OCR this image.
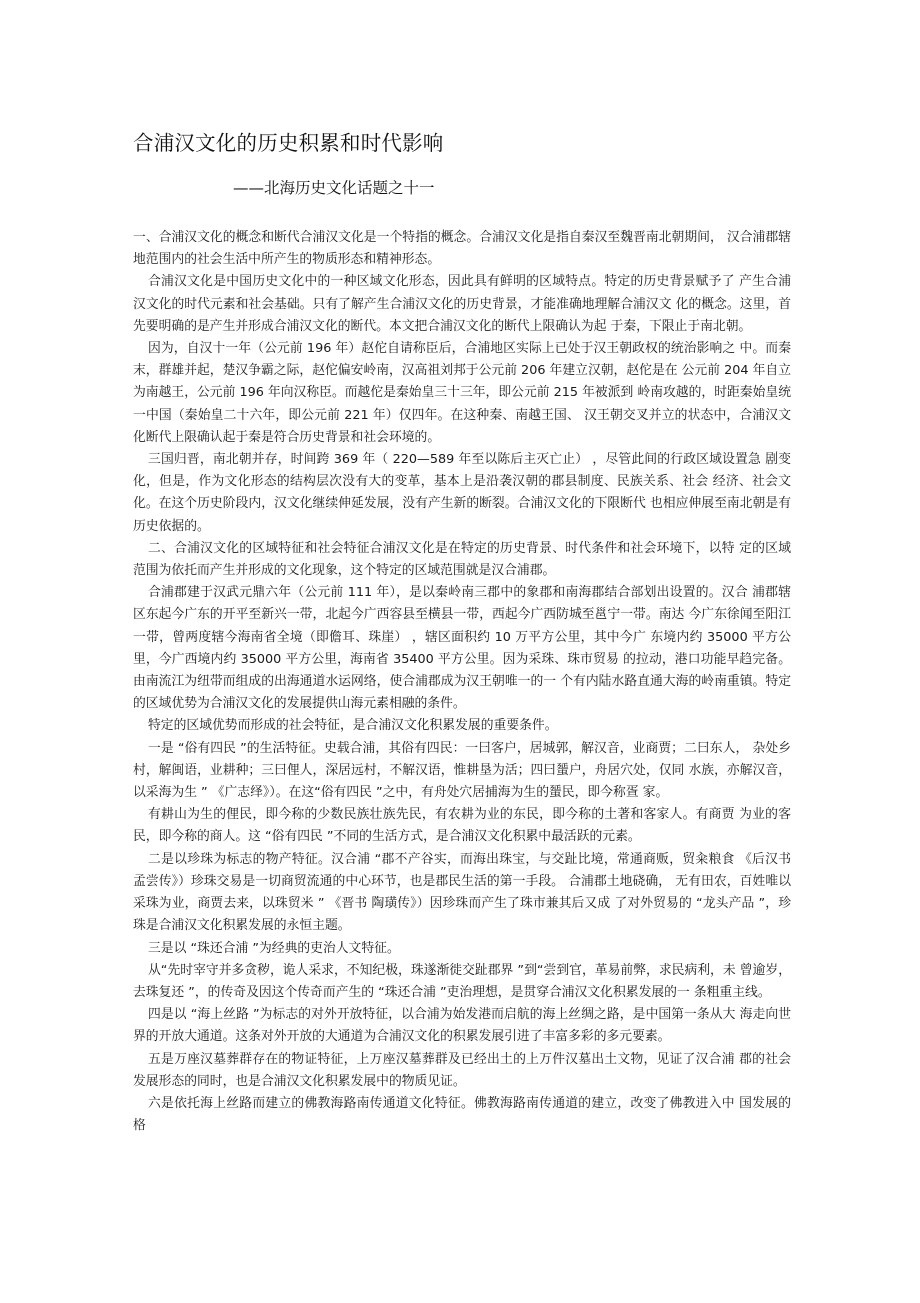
合浦汉文化的历史积累和时代影响

——北海历史文化话题之十一

一、合浦汉文化的概念和断代合浦汉文化是一个特指的概念。合浦汉文化是指自秦汉至魏晋南北朝期间， 汉合浦郡辖地范围内的社会生活中所产生的物质形态和精神形态。

合浦汉文化是中国历史文化中的一种区域文化形态，因此具有鲜明的区域特点。特定的历史背景赋予了 产生合浦汉文化的时代元素和社会基础。只有了解产生合浦汉文化的历史背景，才能准确地理解合浦汉文 化的概念。这里，首先要明确的是产生并形成合浦汉文化的断代。本文把合浦汉文化的断代上限确认为起 于秦，下限止于南北朝。

因为，自汉十一年（公元前 196 年）赵佗自请称臣后，合浦地区实际上已处于汉王朝政权的统治影响之 中。而秦末，群雄并起，楚汉争霸之际，赵佗偏安岭南，汉高祖刘邦于公元前 206 年建立汉朝，赵佗是在 公元前 204 年自立为南越王，公元前 196 年向汉称臣。而越佗是秦始皇三十三年，即公元前 215 年被派到 岭南攻越的，时距秦始皇统一中国（秦始皇二十六年，即公元前 221 年）仅四年。在这种秦、南越王国、 汉王朝交叉并立的状态中，合浦汉文化断代上限确认起于秦是符合历史背景和社会环境的。

三国归晋，南北朝并存，时间跨 369 年（ 220—589 年至以陈后主灭亡止） ，尽管此间的行政区域设置急 剧变化，但是，作为文化形态的结构层次没有大的变革，基本上是沿袭汉朝的郡县制度、民族关系、社会 经济、社会文化。在这个历史阶段内，汉文化继续伸延发展，没有产生新的断裂。合浦汉文化的下限断代 也相应伸展至南北朝是有历史依据的。

二、合浦汉文化的区域特征和社会特征合浦汉文化是在特定的历史背景、时代条件和社会环境下，以特 定的区域范围为依托而产生并形成的文化现象，这个特定的区域范围就是汉合浦郡。

合浦郡建于汉武元鼎六年（公元前 111 年），是以秦岭南三郡中的象郡和南海郡结合部划出设置的。汉合 浦郡辖区东起今广东的开平至新兴一带，北起今广西容县至横县一带，西起今广西防城至邕宁一带。南达 今广东徐闻至阳江一带，曾两度辖今海南省全境（即儋耳、珠崖） ，辖区面积约 10 万平方公里，其中今广 东境内约 35000 平方公里，今广西境内约 35000 平方公里，海南省 35400 平方公里。因为采珠、珠市贸易 的拉动，港口功能早趋完备。由南流江为纽带而组成的出海通道水运网络，使合浦郡成为汉王朝唯一的一 个有内陆水路直通大海的岭南重镇。特定的区域优势为合浦汉文化的发展提供山海元素相融的条件。

特定的区域优势而形成的社会特征，是合浦汉文化积累发展的重要条件。

一是 “俗有四民 ”的生活特征。史载合浦，其俗有四民：一曰客户，居城郭，解汉音，业商贾；二曰东人， 杂处乡村，解闽语，业耕种；三曰俚人，深居远村，不解汉语，惟耕垦为活；四曰蜑户，舟居穴处，仅同 水族，亦解汉音，以采海为生 ” 《广志绎》）。在这“俗有四民 ”之中，有舟处穴居捕海为生的蜑民，即今称疍 家。

有耕山为生的俚民，即今称的少数民族壮族先民，有农耕为业的东民，即今称的土著和客家人。有商贾 为业的客民，即今称的商人。这 “俗有四民 ”不同的生活方式，是合浦汉文化积累中最活跃的元素。

二是以珍珠为标志的物产特征。汉合浦 “郡不产谷实，而海出珠宝，与交趾比境，常通商贩，贸籴粮食 《后汉书 孟尝传》）珍珠交易是一切商贸流通的中心环节，也是郡民生活的第一手段。 合浦郡土地硗确， 无有田农，百姓唯以采珠为业，商贾去来，以珠贸米 ” 《晋书 陶璜传》）因珍珠而产生了珠市兼其后又成 了对外贸易的 “龙头产品 ”，珍珠是合浦汉文化积累发展的永恒主题。

三是以 “珠还合浦 ”为经典的吏治人文特征。

从“先时宰守并多贪秽，诡人采求，不知纪极，珠遂渐徙交趾郡界 ”到“尝到官，革易前弊，求民病利，未 曾逾岁，去珠复还 ”，的传奇及因这个传奇而产生的 “珠还合浦 ”吏治理想，是贯穿合浦汉文化积累发展的一 条粗重主线。

四是以 “海上丝路 ”为标志的对外开放特征，以合浦为始发港而启航的海上丝绸之路，是中国第一条从大 海走向世界的开放大通道。这条对外开放的大通道为合浦汉文化的积累发展引进了丰富多彩的多元要素。

五是万座汉墓葬群存在的物证特征，上万座汉墓葬群及已经出土的上万件汉墓出土文物，见证了汉合浦 郡的社会发展形态的同时，也是合浦汉文化积累发展中的物质见证。

六是依托海上丝路而建立的佛教海路南传通道文化特征。佛教海路南传通道的建立，改变了佛教进入中 国发展的格
